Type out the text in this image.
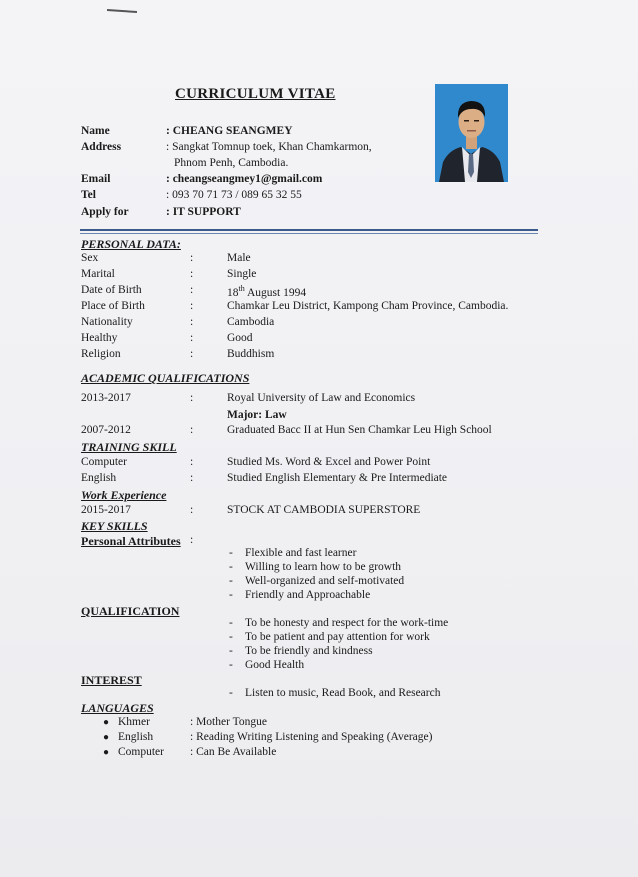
CURRICULUM VITAE
Name	: CHEANG SEANGMEY
Address	: Sangkat Tomnup toek, Khan Chamkarmon,
Phnom Penh, Cambodia.
Email	: cheangseangmey1@gmail.com
Tel	: 093 70 71 73 / 089 65 32 55
Apply for	: IT SUPPORT
PERSONAL DATA:
Sex	:	Male
Marital	:	Single
Date of Birth	:	18th August 1994
Place of Birth	:	Chamkar Leu District, Kampong Cham Province, Cambodia.
Nationality	:	Cambodia
Healthy	:	Good
Religion	:	Buddhism
ACADEMIC QUALIFICATIONS
2013-2017	:	Royal University of Law and Economics
Major: Law
2007-2012	:	Graduated Bacc II at Hun Sen Chamkar Leu High School
TRAINING SKILL
Computer	:	Studied Ms. Word & Excel and Power Point
English	:	Studied English Elementary & Pre Intermediate
Work Experience
2015-2017	:	STOCK AT CAMBODIA SUPERSTORE
KEY SKILLS
Personal Attributes :
- Flexible and fast learner
- Willing to learn how to be growth
- Well-organized and self-motivated
- Friendly and Approachable
QUALIFICATION
- To be honesty and respect for the work-time
- To be patient and pay attention for work
- To be friendly and kindness
- Good Health
INTEREST
- Listen to music, Read Book, and Research
LANGUAGES
● Khmer	: Mother Tongue
● English	: Reading Writing Listening and Speaking (Average)
● Computer : Can Be Available
